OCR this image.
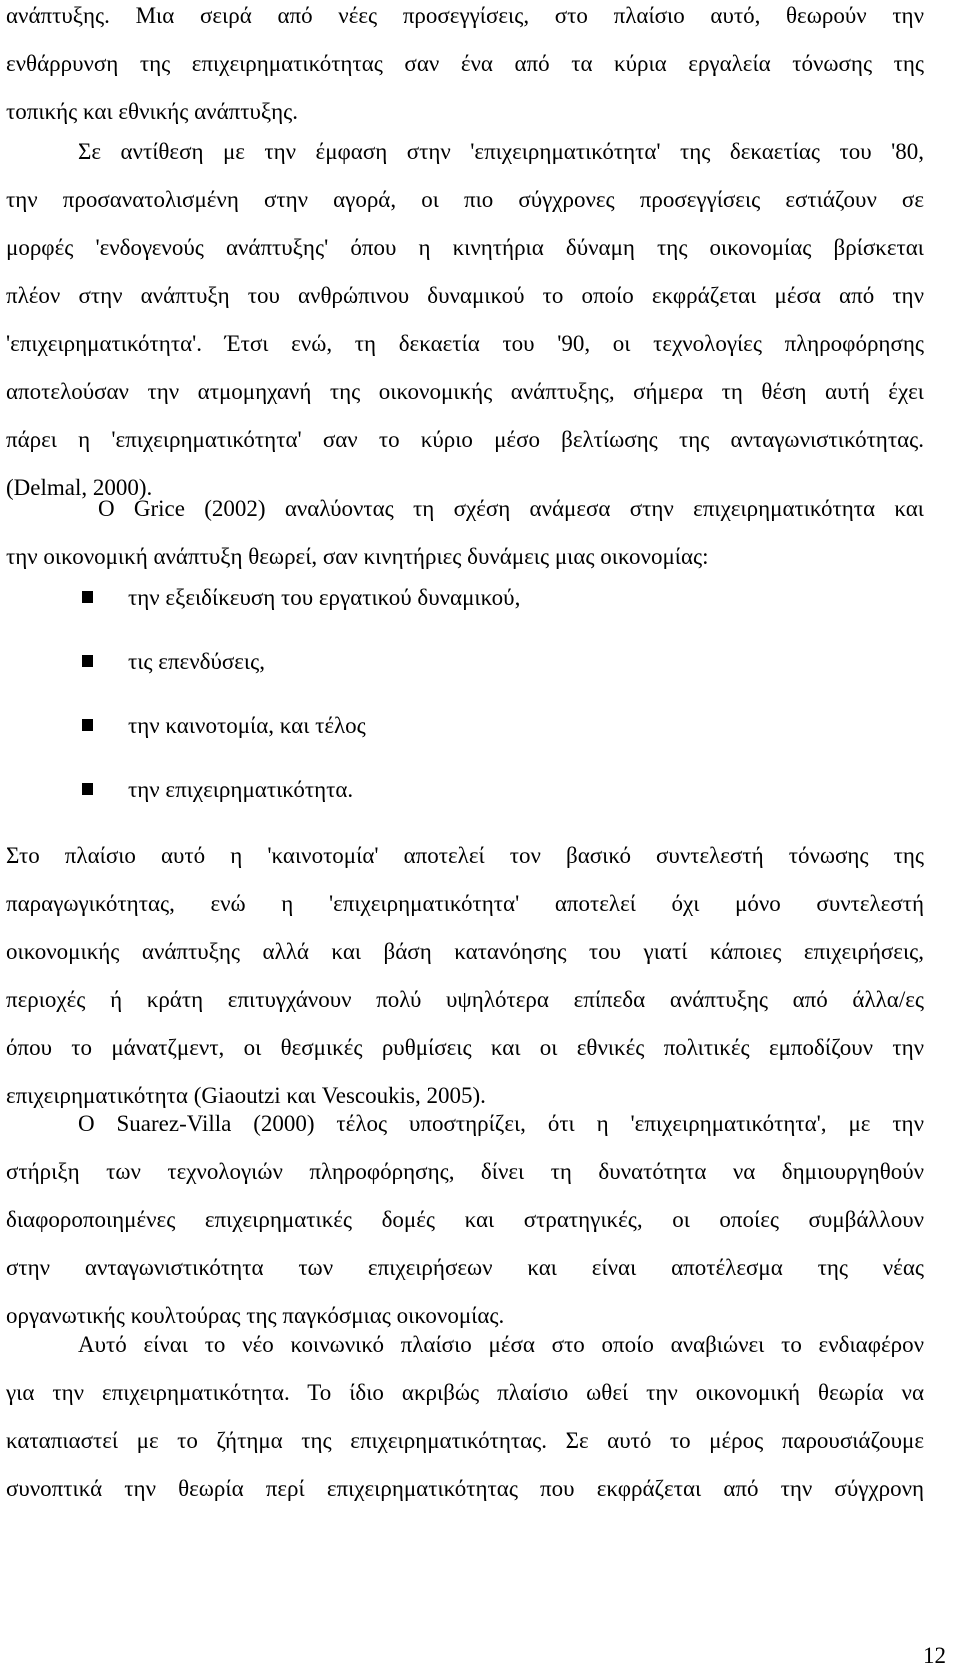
ανάπτυξης. Μια σειρά από νέες προσεγγίσεις, στο πλαίσιο αυτό, θεωρούν την
ενθάρρυνση της επιχειρηματικότητας σαν ένα από τα κύρια εργαλεία τόνωσης της
τοπικής και εθνικής ανάπτυξης.

Σε αντίθεση με την έμφαση στην 'επιχειρηματικότητα' της δεκαετίας του '80,
την προσανατολισμένη στην αγορά, οι πιο σύγχρονες προσεγγίσεις εστιάζουν σε
μορφές 'ενδογενούς ανάπτυξης' όπου η κινητήρια δύναμη της οικονομίας βρίσκεται
πλέον στην ανάπτυξη του ανθρώπινου δυναμικού το οποίο εκφράζεται μέσα από την
'επιχειρηματικότητα'. Έτσι ενώ, τη δεκαετία του '90, οι τεχνολογίες πληροφόρησης
αποτελούσαν την ατμομηχανή της οικονομικής ανάπτυξης, σήμερα τη θέση αυτή έχει
πάρει η 'επιχειρηματικότητα' σαν το κύριο μέσο βελτίωσης της ανταγωνιστικότητας.
(Delmal, 2000).

Ο Grice (2002) αναλύοντας τη σχέση ανάμεσα στην επιχειρηματικότητα και
την οικονομική ανάπτυξη θεωρεί, σαν κινητήριες δυνάμεις μιας οικονομίας:

την εξειδίκευση του εργατικού δυναμικού,
τις επενδύσεις,
την καινοτομία, και τέλος
την επιχειρηματικότητα.

Στο πλαίσιο αυτό η 'καινοτομία' αποτελεί τον βασικό συντελεστή τόνωσης της
παραγωγικότητας, ενώ η 'επιχειρηματικότητα' αποτελεί όχι μόνο συντελεστή
οικονομικής ανάπτυξης αλλά και βάση κατανόησης του γιατί κάποιες επιχειρήσεις,
περιοχές ή κράτη επιτυγχάνουν πολύ υψηλότερα επίπεδα ανάπτυξης από άλλα/ες
όπου το μάνατζμεντ, οι θεσμικές ρυθμίσεις και οι εθνικές πολιτικές εμποδίζουν την
επιχειρηματικότητα (Giaoutzi και Vescoukis, 2005).

Ο Suarez-Villa (2000) τέλος υποστηρίζει, ότι η 'επιχειρηματικότητα', με την
στήριξη των τεχνολογιών πληροφόρησης, δίνει τη δυνατότητα να δημιουργηθούν
διαφοροποιημένες επιχειρηματικές δομές και στρατηγικές, οι οποίες συμβάλλουν
στην ανταγωνιστικότητα των επιχειρήσεων και είναι αποτέλεσμα της νέας
οργανωτικής κουλτούρας της παγκόσμιας οικονομίας.

Αυτό είναι το νέο κοινωνικό πλαίσιο μέσα στο οποίο αναβιώνει το ενδιαφέρον
για την επιχειρηματικότητα. Το ίδιο ακριβώς πλαίσιο ωθεί την οικονομική θεωρία να
καταπιαστεί με το ζήτημα της επιχειρηματικότητας. Σε αυτό το μέρος παρουσιάζουμε
συνοπτικά την θεωρία περί επιχειρηματικότητας που εκφράζεται από την σύγχρονη

12
